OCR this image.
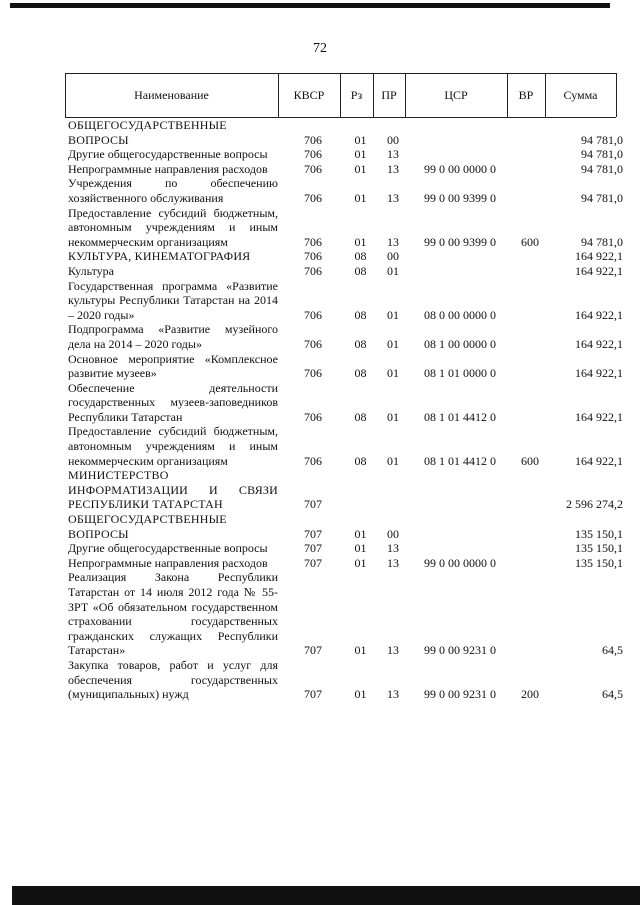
72
Наименование	КВСР	Рз	ПР	ЦСР	ВР	Сумма
ОБЩЕГОСУДАРСТВЕННЫЕ ВОПРОСЫ	706	01	00			94 781,0
Другие общегосударственные вопросы	706	01	13			94 781,0
Непрограммные направления расходов	706	01	13	99 0 00 0000 0		94 781,0
Учреждения по обеспечению хозяйственного обслуживания	706	01	13	99 0 00 9399 0		94 781,0
Предоставление субсидий бюджетным, автономным учреждениям и иным некоммерческим организациям	706	01	13	99 0 00 9399 0	600	94 781,0
КУЛЬТУРА, КИНЕМАТОГРАФИЯ	706	08	00			164 922,1
Культура	706	08	01			164 922,1
Государственная программа «Развитие культуры Республики Татарстан на 2014 – 2020 годы»	706	08	01	08 0 00 0000 0		164 922,1
Подпрограмма «Развитие музейного дела на 2014 – 2020 годы»	706	08	01	08 1 00 0000 0		164 922,1
Основное мероприятие «Комплексное развитие музеев»	706	08	01	08 1 01 0000 0		164 922,1
Обеспечение деятельности государственных музеев-заповедников Республики Татарстан	706	08	01	08 1 01 4412 0		164 922,1
Предоставление субсидий бюджетным, автономным учреждениям и иным некоммерческим организациям	706	08	01	08 1 01 4412 0	600	164 922,1
МИНИСТЕРСТВО ИНФОРМАТИЗАЦИИ И СВЯЗИ РЕСПУБЛИКИ ТАТАРСТАН	707					2 596 274,2
ОБЩЕГОСУДАРСТВЕННЫЕ ВОПРОСЫ	707	01	00			135 150,1
Другие общегосударственные вопросы	707	01	13			135 150,1
Непрограммные направления расходов	707	01	13	99 0 00 0000 0		135 150,1
Реализация Закона Республики Татарстан от 14 июля 2012 года № 55-ЗРТ «Об обязательном государственном страховании государственных гражданских служащих Республики Татарстан»	707	01	13	99 0 00 9231 0		64,5
Закупка товаров, работ и услуг для обеспечения государственных (муниципальных) нужд	707	01	13	99 0 00 9231 0	200	64,5
